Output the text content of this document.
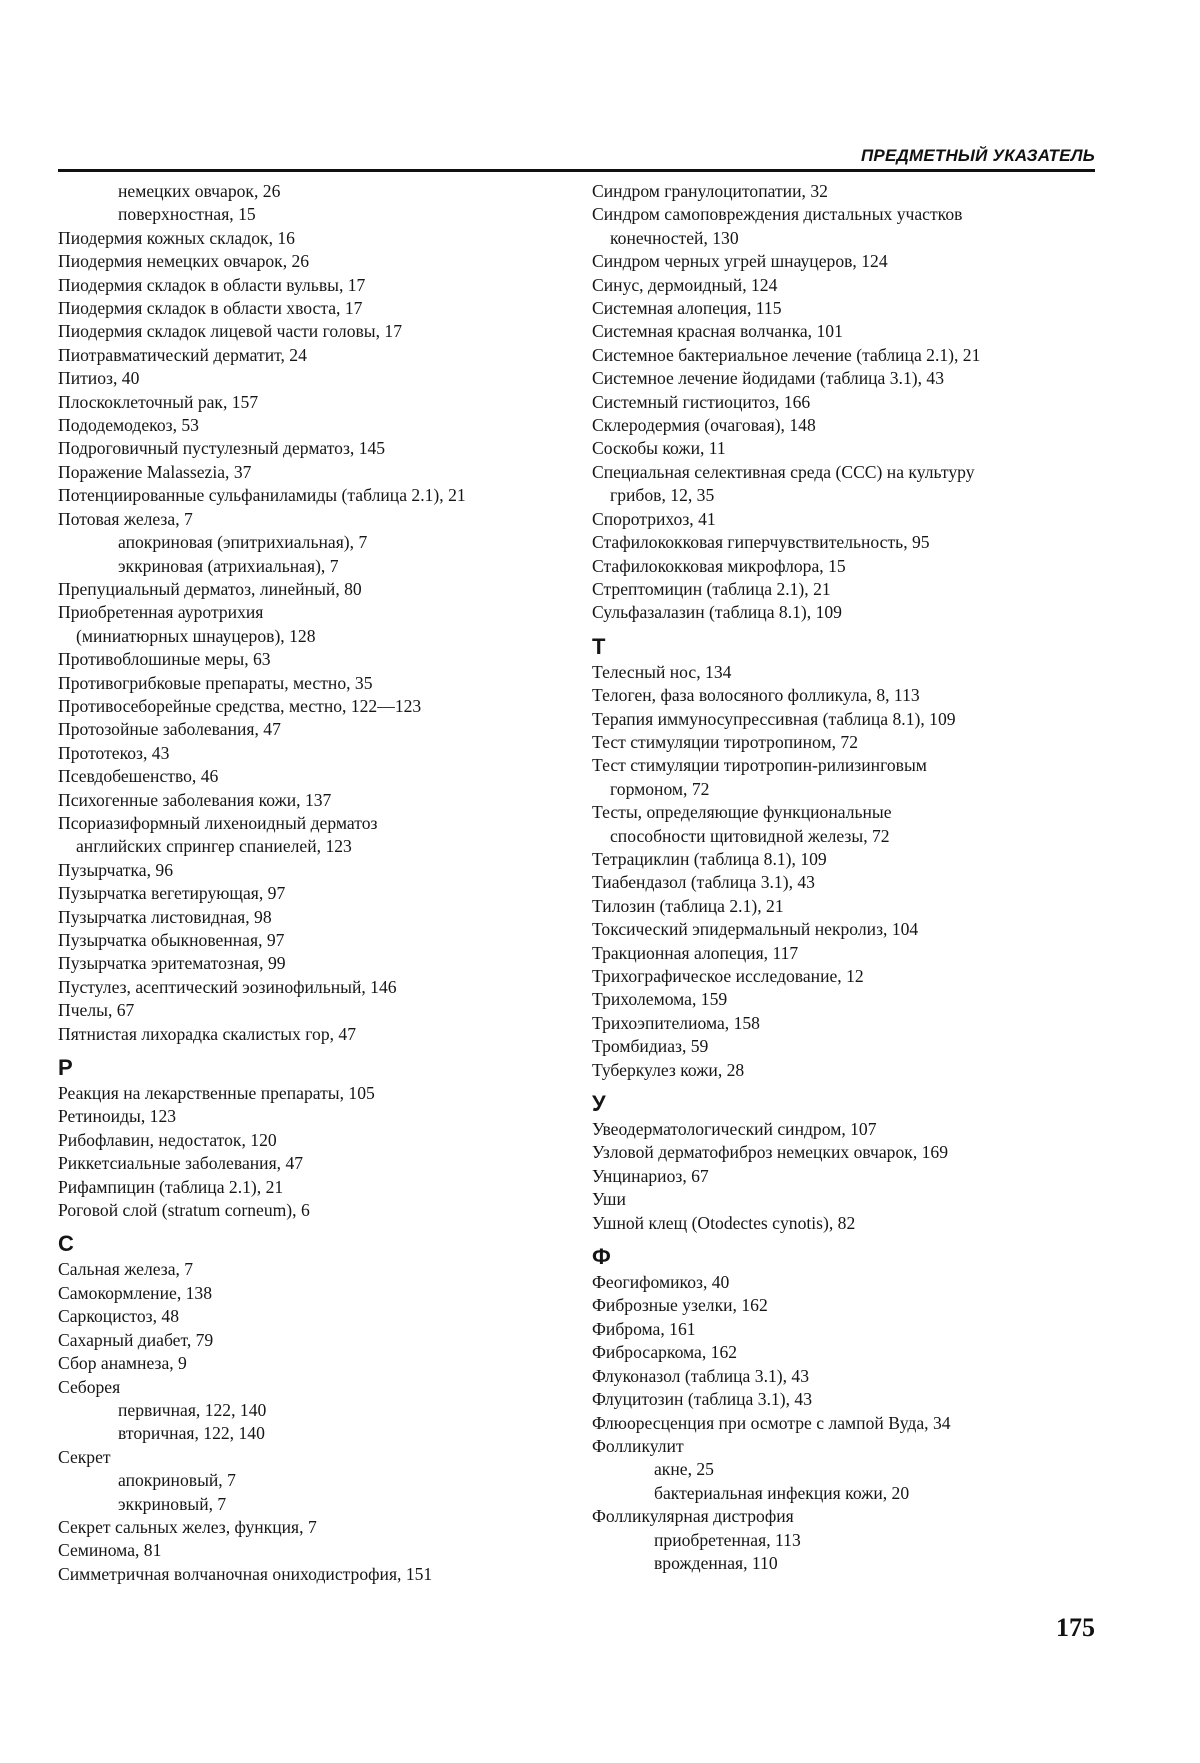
ПРЕДМЕТНЫЙ УКАЗАТЕЛЬ
немецких овчарок, 26
поверхностная, 15
Пиодермия кожных складок, 16
Пиодермия немецких овчарок, 26
Пиодермия складок в области вульвы, 17
Пиодермия складок в области хвоста, 17
Пиодермия складок лицевой части головы, 17
Пиотравматический дерматит, 24
Питиоз, 40
Плоскоклеточный рак, 157
Пододемодекоз, 53
Подроговичный пустулезный дерматоз, 145
Поражение Malassezia, 37
Потенциированные сульфаниламиды (таблица 2.1), 21
Потовая железа, 7
апокриновая (эпитрихиальная), 7
эккриновая (атрихиальная), 7
Препуциальный дерматоз, линейный, 80
Приобретенная ауротрихия
(миниатюрных шнауцеров), 128
Противоблошиные меры, 63
Противогрибковые препараты, местно, 35
Противосеборейные средства, местно, 122—123
Протозойные заболевания, 47
Прототекоз, 43
Псевдобешенство, 46
Психогенные заболевания кожи, 137
Псориазиформный лихеноидный дерматоз
английских спрингер спаниелей, 123
Пузырчатка, 96
Пузырчатка вегетирующая, 97
Пузырчатка листовидная, 98
Пузырчатка обыкновенная, 97
Пузырчатка эритематозная, 99
Пустулез, асептический эозинофильный, 146
Пчелы, 67
Пятнистая лихорадка скалистых гор, 47
Р
Реакция на лекарственные препараты, 105
Ретиноиды, 123
Рибофлавин, недостаток, 120
Риккетсиальные заболевания, 47
Рифампицин (таблица 2.1), 21
Роговой слой (stratum corneum), 6
С
Сальная железа, 7
Самокормление, 138
Саркоцистоз, 48
Сахарный диабет, 79
Сбор анамнеза, 9
Себорея
первичная, 122, 140
вторичная, 122, 140
Секрет
апокриновый, 7
эккриновый, 7
Секрет сальных желез, функция, 7
Семинома, 81
Симметричная волчаночная ониходистрофия, 151
Синдром гранулоцитопатии, 32
Синдром самоповреждения дистальных участков
конечностей, 130
Синдром черных угрей шнауцеров, 124
Синус, дермоидный, 124
Системная алопеция, 115
Системная красная волчанка, 101
Системное бактериальное лечение (таблица 2.1), 21
Системное лечение йодидами (таблица 3.1), 43
Системный гистиоцитоз, 166
Склеродермия (очаговая), 148
Соскобы кожи, 11
Специальная селективная среда (ССС) на культуру
грибов, 12, 35
Споротрихоз, 41
Стафилококковая гиперчувствительность, 95
Стафилококковая микрофлора, 15
Стрептомицин (таблица 2.1), 21
Сульфазалазин (таблица 8.1), 109
Т
Телесный нос, 134
Телоген, фаза волосяного фолликула, 8, 113
Терапия иммуносупрессивная (таблица 8.1), 109
Тест стимуляции тиротропином, 72
Тест стимуляции тиротропин-рилизинговым
гормоном, 72
Тесты, определяющие функциональные
способности щитовидной железы, 72
Тетрациклин (таблица 8.1), 109
Тиабендазол (таблица 3.1), 43
Тилозин (таблица 2.1), 21
Токсический эпидермальный некролиз, 104
Тракционная алопеция, 117
Трихографическое исследование, 12
Трихолемома, 159
Трихоэпителиома, 158
Тромбидиаз, 59
Туберкулез кожи, 28
У
Увеодерматологический синдром, 107
Узловой дерматофиброз немецких овчарок, 169
Унцинариоз, 67
Уши
Ушной клещ (Otodectes cynotis), 82
Ф
Феогифомикоз, 40
Фиброзные узелки, 162
Фиброма, 161
Фибросаркома, 162
Флуконазол (таблица 3.1), 43
Флуцитозин (таблица 3.1), 43
Флюоресценция при осмотре с лампой Вуда, 34
Фолликулит
акне, 25
бактериальная инфекция кожи, 20
Фолликулярная дистрофия
приобретенная, 113
врожденная, 110
175
